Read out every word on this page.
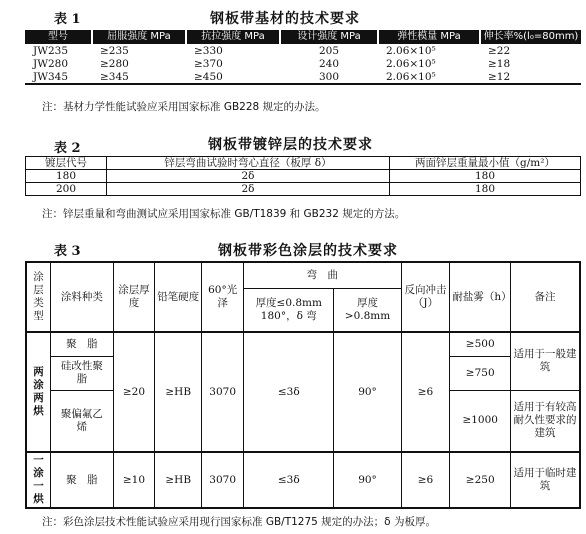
表 1	钢板带基材的技术要求
型号	屈服强度 MPa	抗拉强度 MPa	设计强度 MPa	弹性模量 MPa	伸长率%(l₀=80mm)
JW235	≥235	≥330	205	2.06×10⁵	≥22
JW280	≥280	≥370	240	2.06×10⁵	≥18
JW345	≥345	≥450	300	2.06×10⁵	≥12
注：基材力学性能试验应采用国家标准 GB228 规定的办法。
表 2	钢板带镀锌层的技术要求
镀层代号	锌层弯曲试验时弯心直径（板厚 δ）	两面锌层重量最小值（g/m²）
180	2δ	180
200	2δ	180
注：锌层重量和弯曲测试应采用国家标准 GB/T1839 和 GB232 规定的方法。
表 3	钢板带彩色涂层的技术要求
涂层类型	涂料种类	涂层厚度	铅笔硬度	60°光泽	弯　曲		反向冲击（J）	耐盐雾（h）	备注
					厚度≤0.8mm 180°，δ 弯	厚度 >0.8mm			
两涂两烘	聚　脂	≥20	≥HB	3070	≤3δ	90°	≥6	≥500	适用于一般建筑
	硅改性聚　脂							≥750	
	聚偏氟乙　烯							≥1000	适用于有较高耐久性要求的建筑
一涂一烘	聚　脂	≥10	≥HB	3070	≤3δ	90°	≥6	≥250	适用于临时建筑
注：彩色涂层技术性能试验应采用现行国家标准 GB/T1275 规定的办法；δ 为板厚。
